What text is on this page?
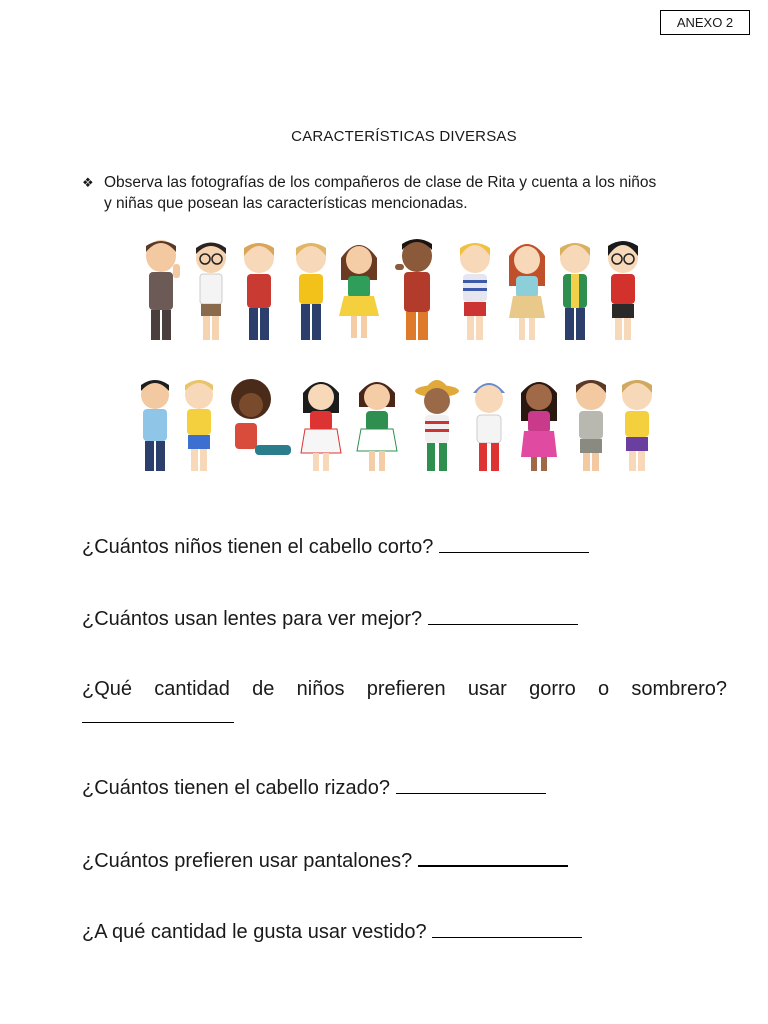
ANEXO 2
CARACTERÍSTICAS DIVERSAS
❖ Observa las fotografías de los compañeros de clase de Rita y cuenta a los niños
y niñas que posean las características mencionadas.
¿Cuántos niños tienen el cabello corto?
¿Cuántos usan lentes para ver mejor?
¿Qué cantidad de niños prefieren usar gorro o sombrero?
¿Cuántos tienen el cabello rizado?
¿Cuántos prefieren usar pantalones?
¿A qué cantidad le gusta usar vestido?
